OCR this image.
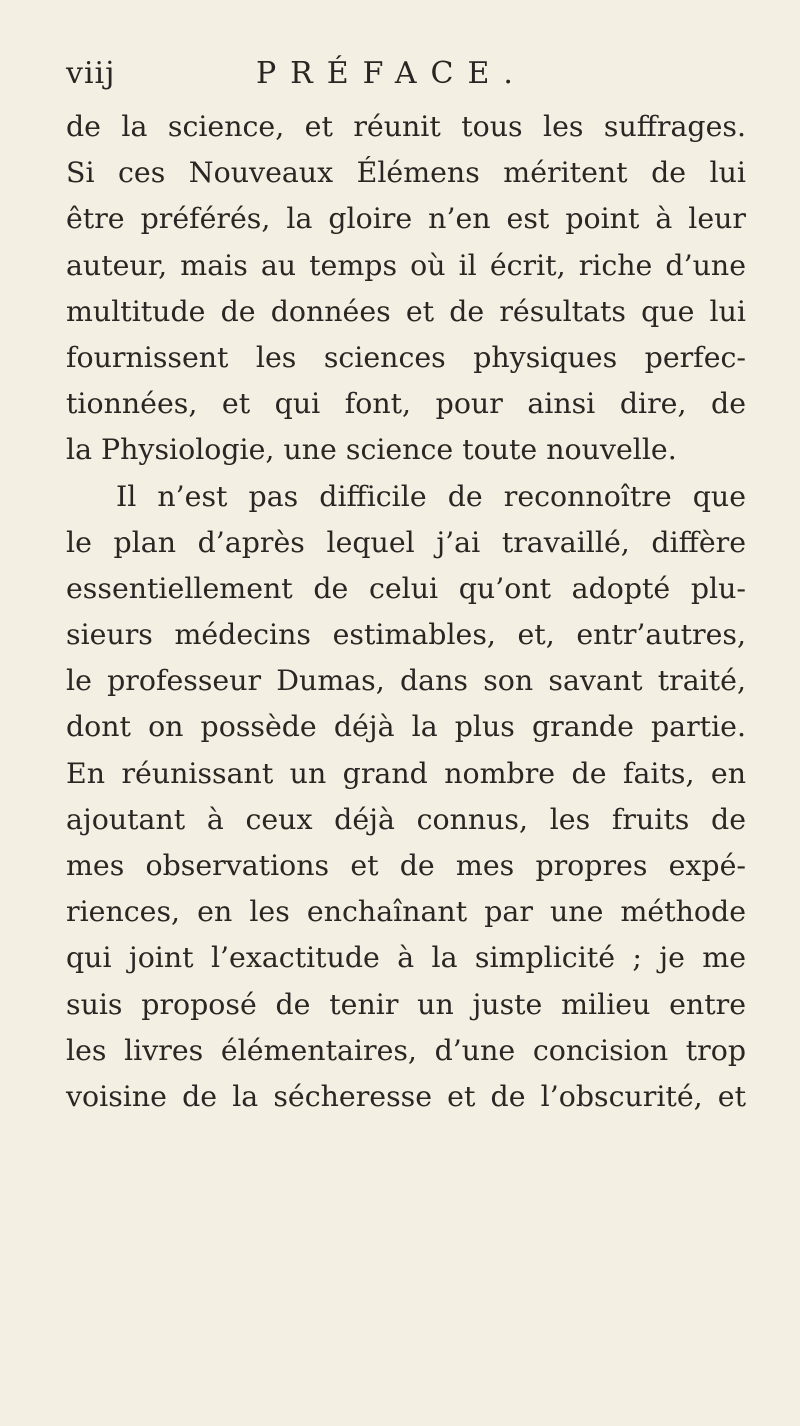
viij	PRÉFACE.
de la science, et réunit tous les suffrages.
Si ces Nouveaux Élémens méritent de lui
être préférés, la gloire n’en est point à leur
auteur, mais au temps où il écrit, riche d’une
multitude de données et de résultats que lui
fournissent les sciences physiques perfec-
tionnées, et qui font, pour ainsi dire, de
la Physiologie, une science toute nouvelle.
Il n’est pas difficile de reconnoître que
le plan d’après lequel j’ai travaillé, diffère
essentiellement de celui qu’ont adopté plu-
sieurs médecins estimables, et, entr’autres,
le professeur Dumas, dans son savant traité,
dont on possède déjà la plus grande partie.
En réunissant un grand nombre de faits, en
ajoutant à ceux déjà connus, les fruits de
mes observations et de mes propres expé-
riences, en les enchaînant par une méthode
qui joint l’exactitude à la simplicité ; je me
suis proposé de tenir un juste milieu entre
les livres élémentaires, d’une concision trop
voisine de la sécheresse et de l’obscurité, et
